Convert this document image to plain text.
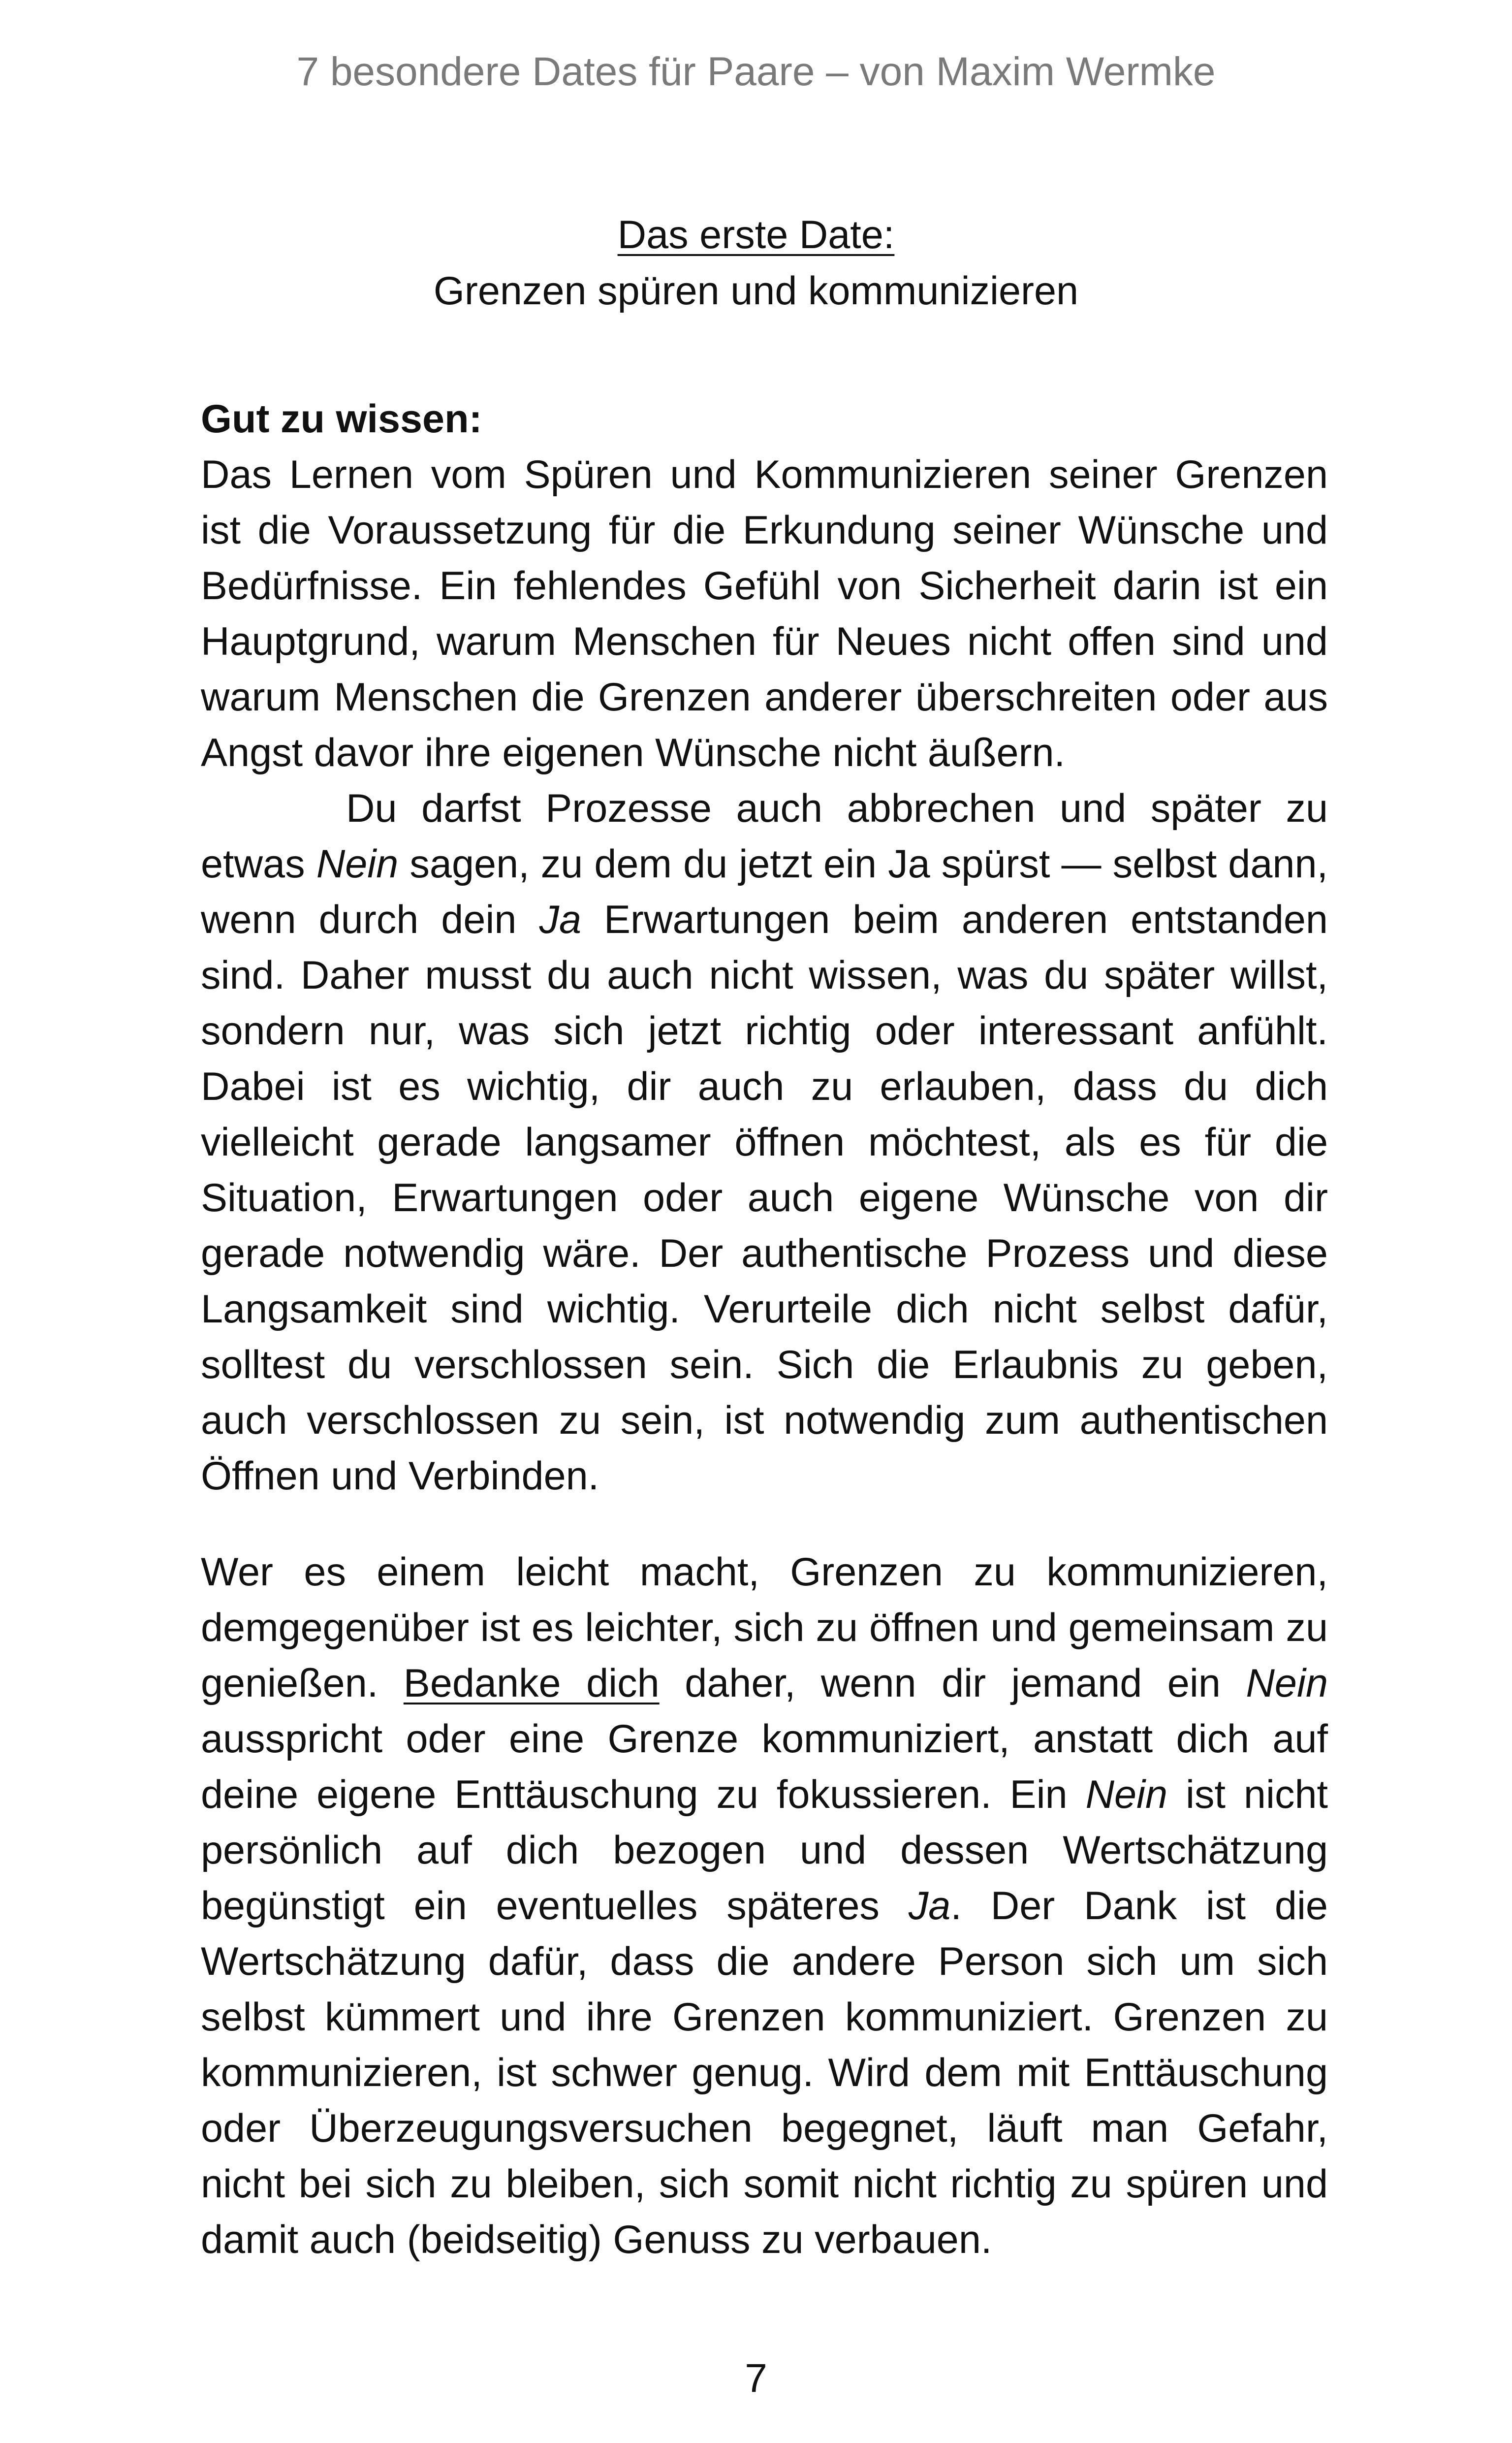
7 besondere Dates für Paare – von Maxim Wermke
Das erste Date:
Grenzen spüren und kommunizieren

Gut zu wissen:

Das Lernen vom Spüren und Kommunizieren seiner Grenzen ist die Voraussetzung für die Erkundung seiner Wünsche und Bedürfnisse. Ein fehlendes Gefühl von Sicherheit darin ist ein Hauptgrund, warum Menschen für Neues nicht offen sind und warum Menschen die Grenzen anderer überschreiten oder aus Angst davor ihre eigenen Wünsche nicht äußern.
Du darfst Prozesse auch abbrechen und später zu etwas Nein sagen, zu dem du jetzt ein Ja spürst — selbst dann, wenn durch dein Ja Erwartungen beim anderen entstanden sind. Daher musst du auch nicht wissen, was du später willst, sondern nur, was sich jetzt richtig oder interessant anfühlt. Dabei ist es wichtig, dir auch zu erlauben, dass du dich vielleicht gerade langsamer öffnen möchtest, als es für die Situation, Erwartungen oder auch eigene Wünsche von dir gerade notwendig wäre. Der authentische Prozess und diese Langsamkeit sind wichtig. Verurteile dich nicht selbst dafür, solltest du verschlossen sein. Sich die Erlaubnis zu geben, auch verschlossen zu sein, ist notwendig zum authentischen Öffnen und Verbinden.

Wer es einem leicht macht, Grenzen zu kommunizieren, demgegenüber ist es leichter, sich zu öffnen und gemeinsam zu genießen. Bedanke dich daher, wenn dir jemand ein Nein ausspricht oder eine Grenze kommuniziert, anstatt dich auf deine eigene Enttäuschung zu fokussieren. Ein Nein ist nicht persönlich auf dich bezogen und dessen Wertschätzung begünstigt ein eventuelles späteres Ja. Der Dank ist die Wertschätzung dafür, dass die andere Person sich um sich selbst kümmert und ihre Grenzen kommuniziert. Grenzen zu kommunizieren, ist schwer genug. Wird dem mit Enttäuschung oder Überzeugungsversuchen begegnet, läuft man Gefahr, nicht bei sich zu bleiben, sich somit nicht richtig zu spüren und damit auch (beidseitig) Genuss zu verbauen.

7
